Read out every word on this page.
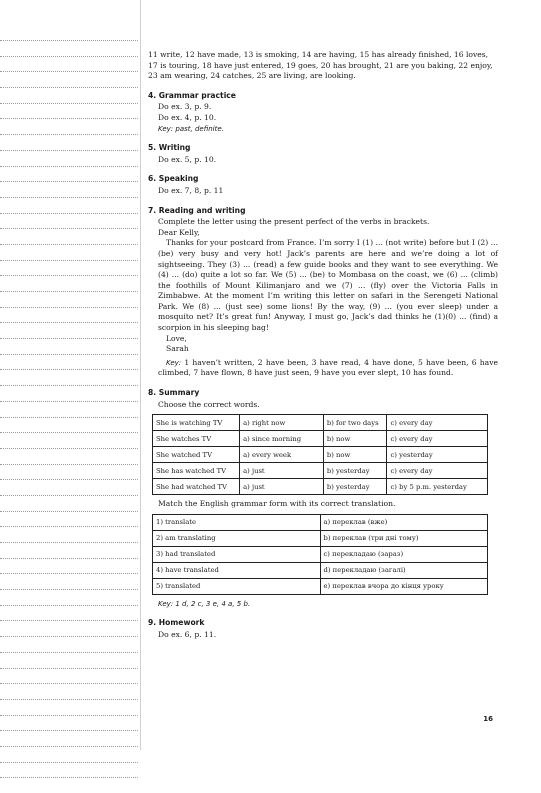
11 write, 12 have made, 13 is smoking, 14 are having, 15 has already finished, 16 loves, 17 is touring, 18 have just entered, 19 goes, 20 has brought, 21 are you baking, 22 enjoy, 23 am wearing, 24 catches, 25 are living, are looking.

4. Grammar practice
Do ex. 3, p. 9.
Do ex. 4, p. 10.
Key: past, definite.
5. Writing
Do ex. 5, p. 10.
6. Speaking
Do ex. 7, 8, p. 11
7. Reading and writing
Complete the letter using the present perfect of the verbs in brackets.
Dear Kelly,
Thanks for your postcard from France. I’m sorry I (1) ... (not write) before but I (2) ... (be) very busy and very hot! Jack’s parents are here and we’re doing a lot of sightseeing. They (3) ... (read) a few guide books and they want to see everything. We (4) ... (do) quite a lot so far. We (5) ... (be) to Mombasa on the coast, we (6) ... (climb) the foothills of Mount Kilimanjaro and we (7) ... (fly) over the Victoria Falls in Zimbabwe. At the moment I’m writing this letter on safari in the Serengeti National Park. We (8) ... (just see) some lions! By the way, (9) ... (you ever sleep) under a mosquito net? It’s great fun! Anyway, I must go, Jack’s dad thinks he (1)(0) ... (find) a scorpion in his sleeping bag!
Love,
Sarah
Key: 1 haven’t written, 2 have been, 3 have read, 4 have done, 5 have been, 6 have climbed, 7 have flown, 8 have just seen, 9 have you ever slept, 10 has found.
8. Summary
Choose the correct words.
She is watching TV	a) right now	b) for two days	c) every day
She watches TV	a) since morning	b) now	c) every day
She watched TV	a) every week	b) now	c) yesterday
She has watched TV	a) just	b) yesterday	c) every day
She had watched TV	a) just	b) yesterday	c) by 5 p.m. yesterday
Match the English grammar form with its correct translation.
1) translate	a) переклав (вже)
2) am translating	b) переклав (три дні тому)
3) had translated	c) перекладаю (зараз)
4) have translated	d) перекладаю (загалі)
5) translated	e) переклав вчора до кінця уроку
Key: 1 d, 2 c, 3 e, 4 a, 5 b.
9. Homework
Do ex. 6, p. 11.
16
